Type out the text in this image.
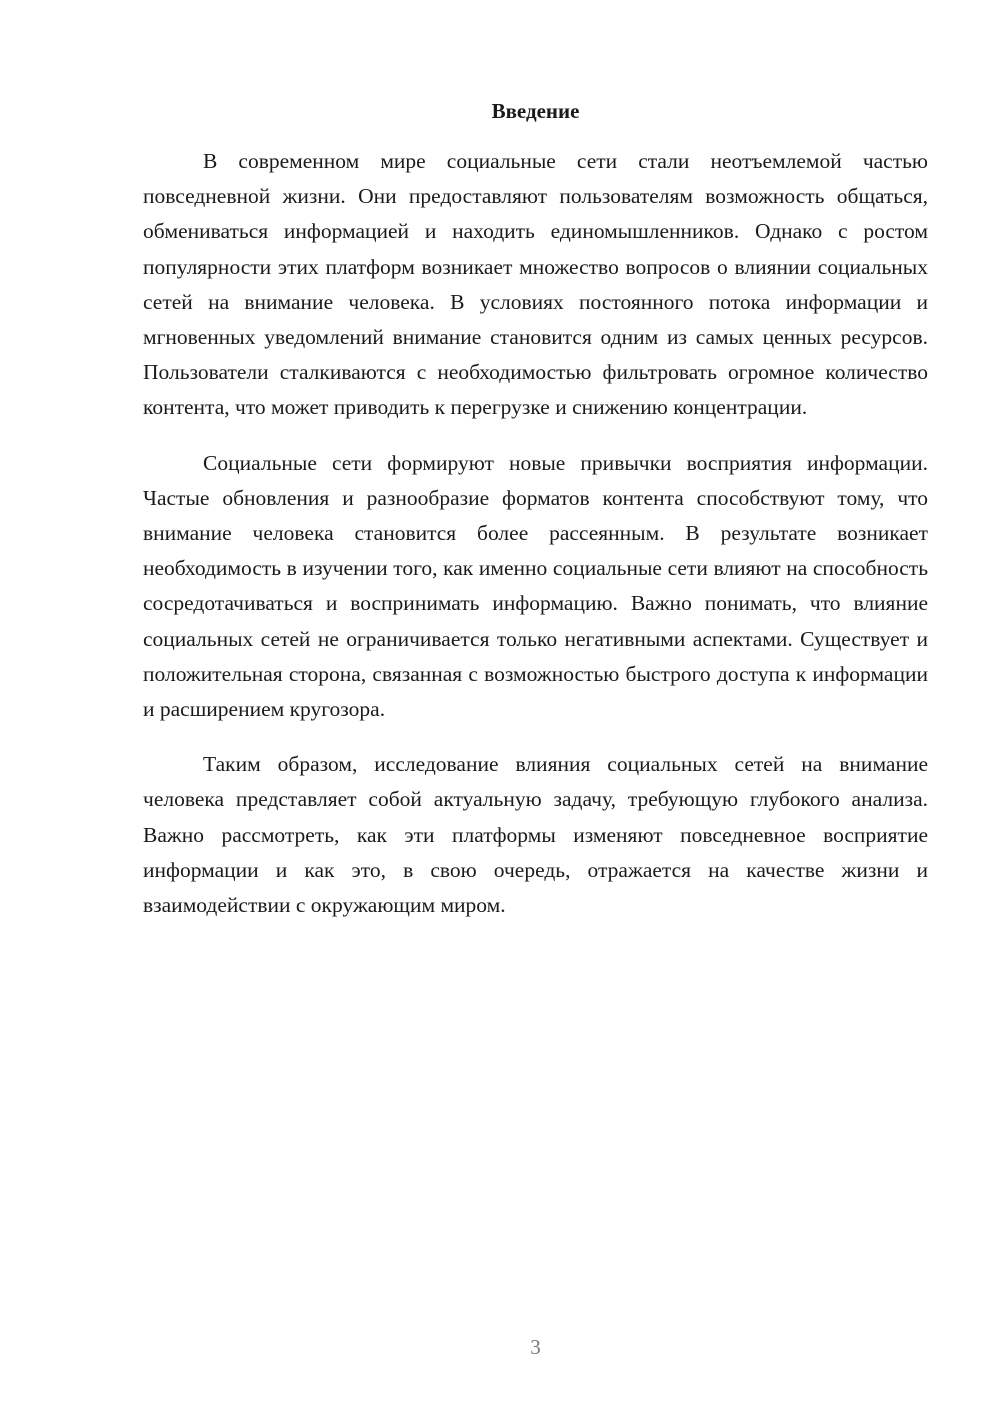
Введение

В современном мире социальные сети стали неотъемлемой частью повседневной жизни. Они предоставляют пользователям возможность общаться, обмениваться информацией и находить единомышленников. Однако с ростом популярности этих платформ возникает множество вопросов о влиянии социальных сетей на внимание человека. В условиях постоянного потока информации и мгновенных уведомлений внимание становится одним из самых ценных ресурсов. Пользователи сталкиваются с необходимостью фильтровать огромное количество контента, что может приводить к перегрузке и снижению концентрации.

Социальные сети формируют новые привычки восприятия информации. Частые обновления и разнообразие форматов контента способствуют тому, что внимание человека становится более рассеянным. В результате возникает необходимость в изучении того, как именно социальные сети влияют на способность сосредотачиваться и воспринимать информацию. Важно понимать, что влияние социальных сетей не ограничивается только негативными аспектами. Существует и положительная сторона, связанная с возможностью быстрого доступа к информации и расширением кругозора.

Таким образом, исследование влияния социальных сетей на внимание человека представляет собой актуальную задачу, требующую глубокого анализа. Важно рассмотреть, как эти платформы изменяют повседневное восприятие информации и как это, в свою очередь, отражается на качестве жизни и взаимодействии с окружающим миром.

3
